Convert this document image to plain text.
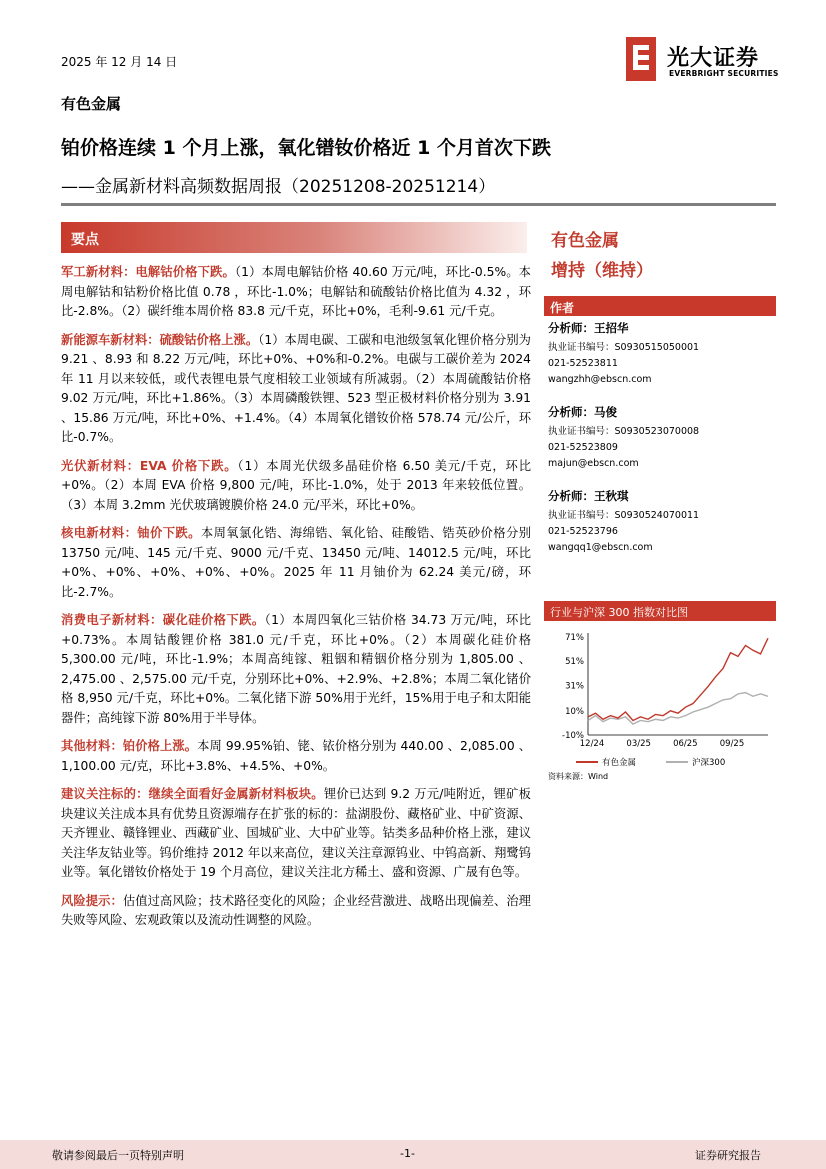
2025 年 12 月 14 日	光大证券
EVERBRIGHT SECURITIES
有色金属
铂价格连续 1 个月上涨，氧化镨钕价格近 1 个月首次下跌
——金属新材料高频数据周报（20251208-20251214）
要点

军工新材料：电解钴价格下跌。（1）本周电解钴价格 40.60 万元/吨，环比-0.5%。本周电解钴和钴粉价格比值 0.78 ，环比-1.0%；电解钴和硫酸钴价格比值为 4.32 ，环比-2.8%。（2）碳纤维本周价格 83.8 元/千克，环比+0%，毛利-9.61 元/千克。

新能源车新材料：硫酸钴价格上涨。（1）本周电碳、工碳和电池级氢氧化锂价格分别为 9.21 、8.93 和 8.22 万元/吨，环比+0%、+0%和-0.2%。电碳与工碳价差为 2024 年 11 月以来较低，或代表锂电景气度相较工业领域有所减弱。（2）本周硫酸钴价格 9.02 万元/吨，环比+1.86%。（3）本周磷酸铁锂、523 型正极材料价格分别为 3.91 、15.86 万元/吨，环比+0%、+1.4%。（4）本周氧化镨钕价格 578.74 元/公斤，环比-0.7%。

光伏新材料：EVA 价格下跌。（1）本周光伏级多晶硅价格 6.50 美元/千克，环比 +0%。（2）本周 EVA 价格 9,800 元/吨，环比-1.0%，处于 2013 年来较低位置。（3）本周 3.2mm 光伏玻璃镀膜价格 24.0 元/平米，环比+0%。

核电新材料：铀价下跌。本周氧氯化锆、海绵锆、氧化铪、硅酸锆、锆英砂价格分别 13750 元/吨、145 元/千克、9000 元/千克、13450 元/吨、14012.5 元/吨，环比+0%、+0%、+0%、+0%、+0%。2025 年 11 月铀价为 62.24 美元/磅，环比-2.7%。

消费电子新材料：碳化硅价格下跌。（1）本周四氧化三钴价格 34.73 万元/吨，环比+0.73%。本周钴酸锂价格 381.0 元/千克，环比+0%。（2）本周碳化硅价格 5,300.00 元/吨，环比-1.9%；本周高纯镓、粗铟和精铟价格分别为 1,805.00 、2,475.00 、2,575.00 元/千克，分别环比+0%、+2.9%、+2.8%；本周二氧化锗价格 8,950 元/千克，环比+0%。二氧化锗下游 50%用于光纤，15%用于电子和太阳能器件；高纯镓下游 80%用于半导体。

其他材料：铂价格上涨。本周 99.95%铂、铑、铱价格分别为 440.00 、2,085.00 、1,100.00 元/克，环比+3.8%、+4.5%、+0%。

建议关注标的：继续全面看好金属新材料板块。锂价已达到 9.2 万元/吨附近，锂矿板块建议关注成本具有优势且资源端存在扩张的标的：盐湖股份、藏格矿业、中矿资源、天齐锂业、赣锋锂业、西藏矿业、国城矿业、大中矿业等。钴类多品种价格上涨，建议关注华友钴业等。钨价维持 2012 年以来高位，建议关注章源钨业、中钨高新、翔鹭钨业等。氧化镨钕价格处于 19 个月高位，建议关注北方稀土、盛和资源、广晟有色等。

风险提示：估值过高风险；技术路径变化的风险；企业经营激进、战略出现偏差、治理失败等风险、宏观政策以及流动性调整的风险。

有色金属
增持（维持）
作者
分析师：王招华
执业证书编号：S0930515050001
021-52523811
wangzhh@ebscn.com
分析师：马俊
执业证书编号：S0930523070008
021-52523809
majun@ebscn.com
分析师：王秋琪
执业证书编号：S0930524070011
021-52523796
wangqq1@ebscn.com
行业与沪深 300 指数对比图
71%
51%
31%
10%
-10%
12/24	03/25	06/25	09/25
有色金属	沪深300
资料来源：Wind
敬请参阅最后一页特别声明	-1-	证券研究报告
